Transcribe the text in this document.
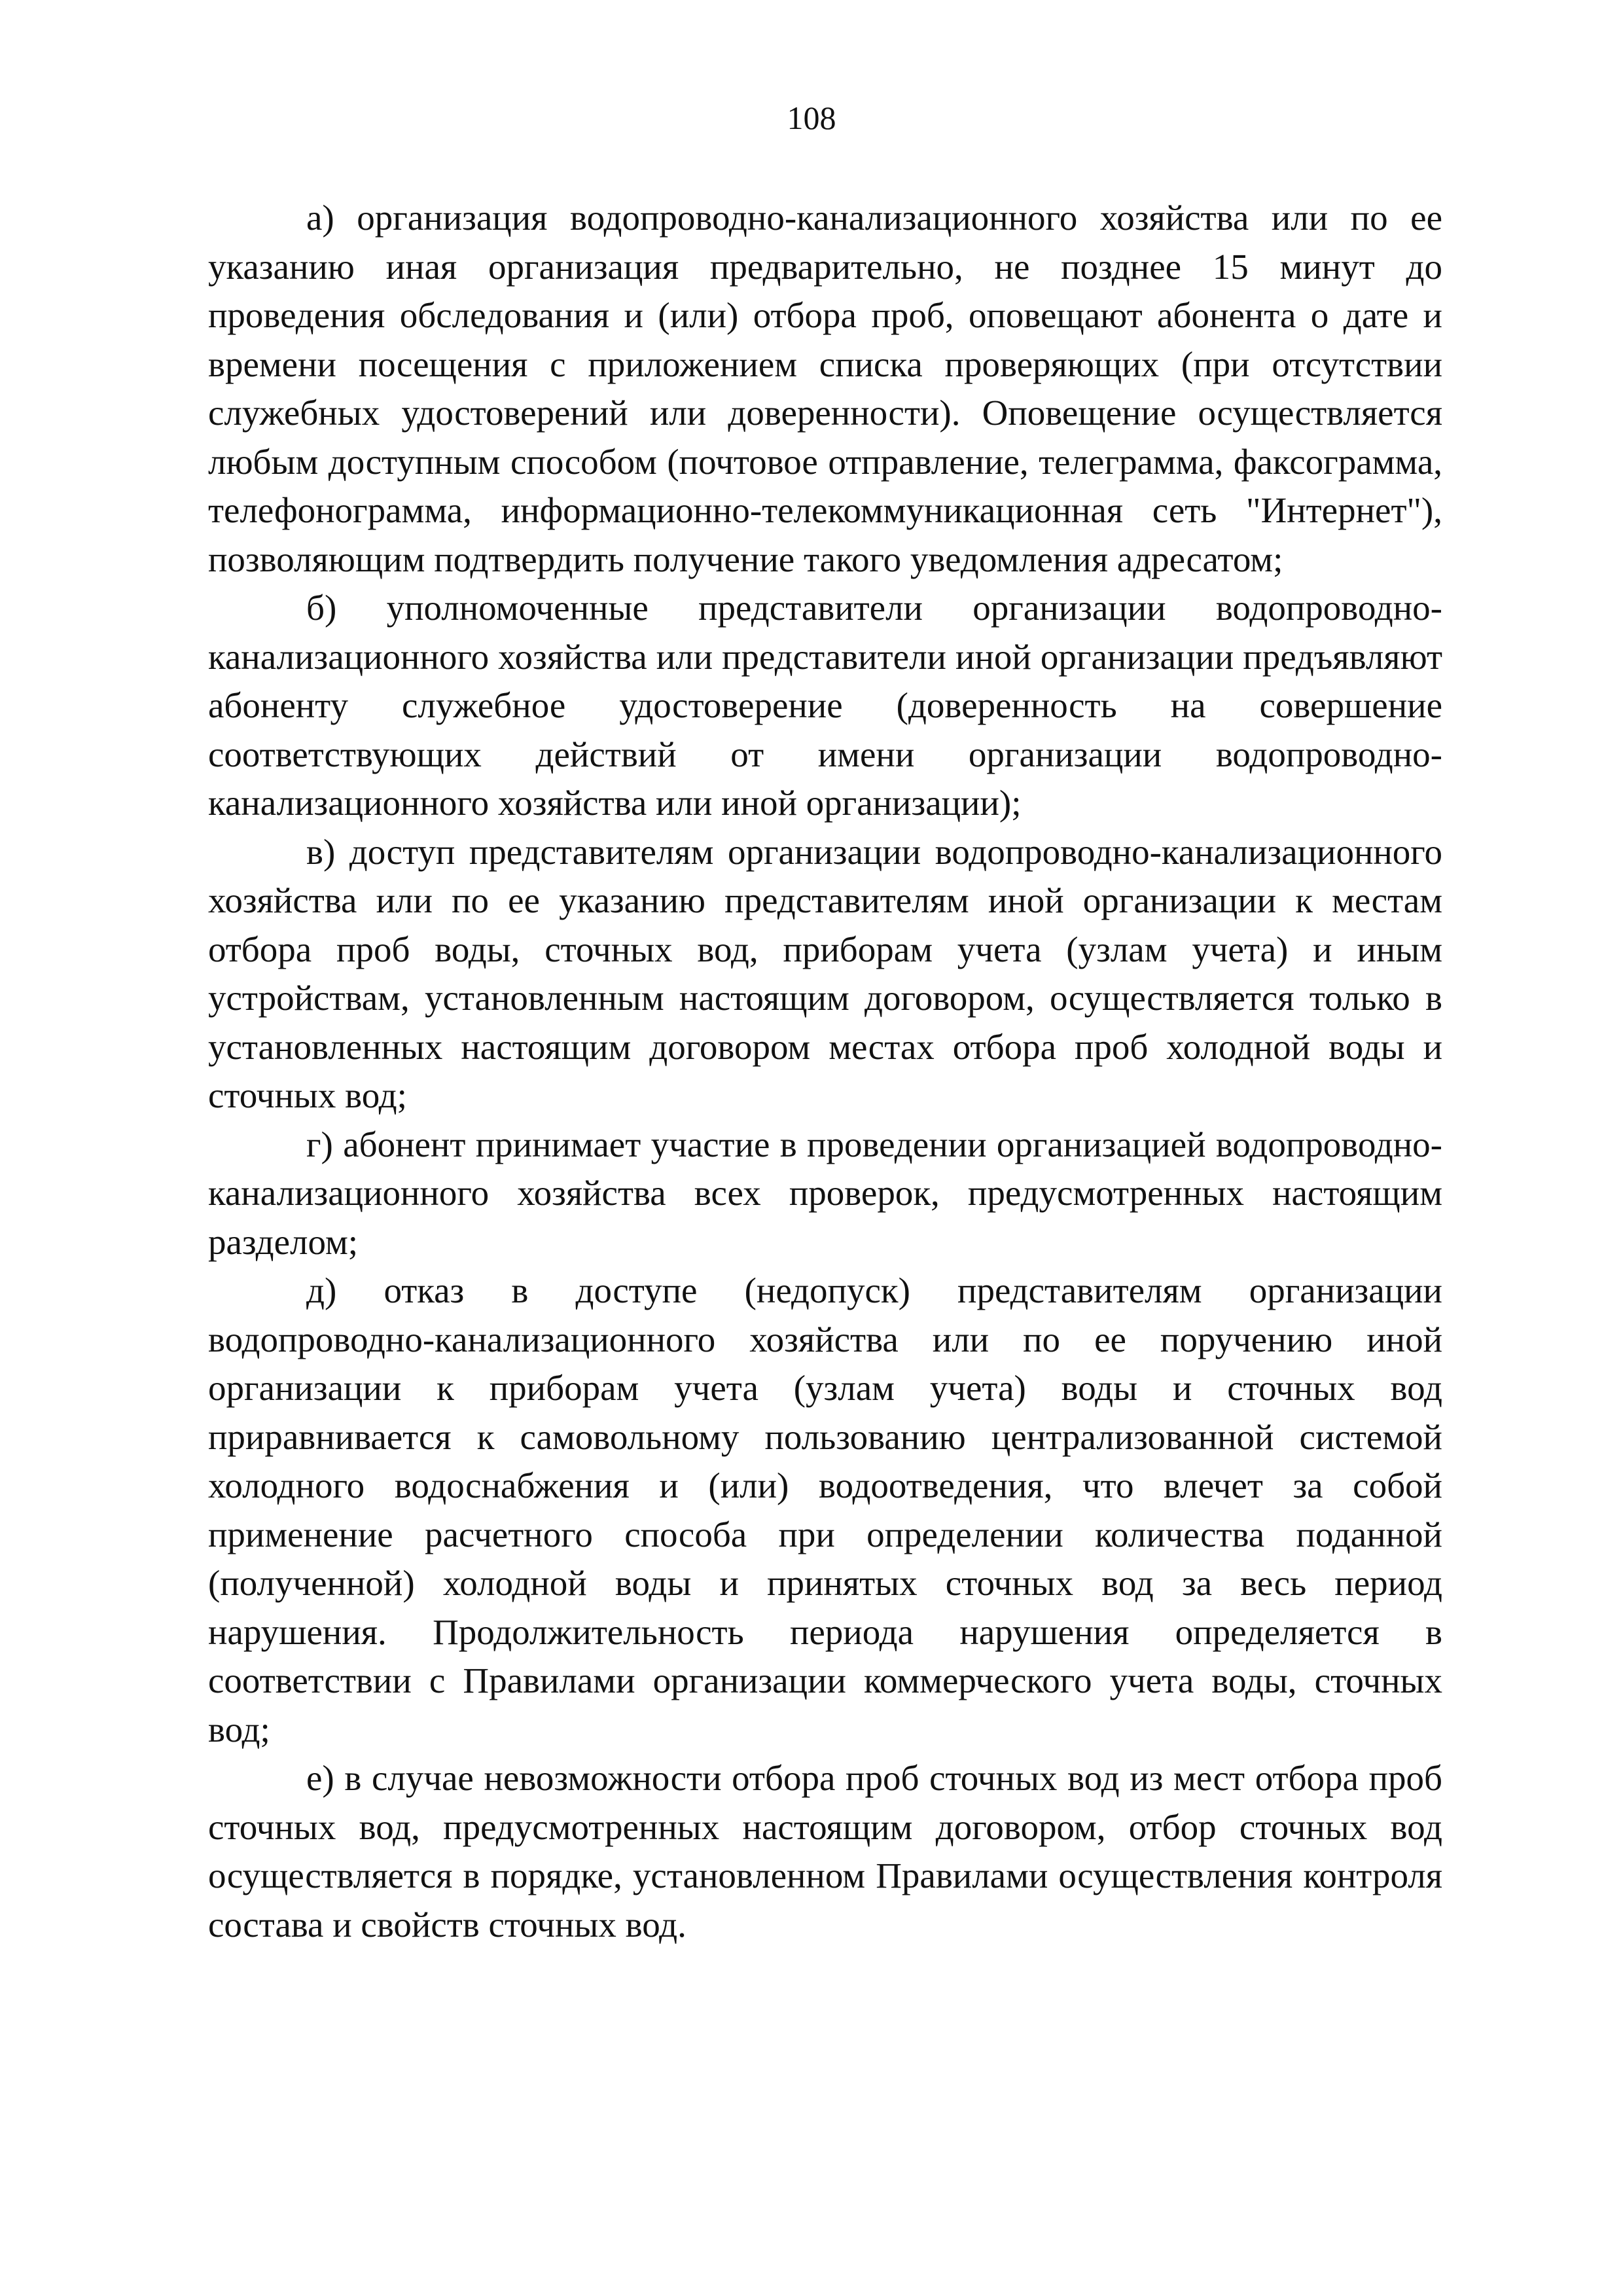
108

а) организация водопроводно-канализационного хозяйства или по ее указанию иная организация предварительно, не позднее 15 минут до проведения обследования и (или) отбора проб, оповещают абонента о дате и времени посещения с приложением списка проверяющих (при отсутствии служебных удостоверений или доверенности). Оповещение осуществляется любым доступным способом (почтовое отправление, телеграмма, факсограмма, телефонограмма, информационно-телекоммуникационная сеть "Интернет"), позволяющим подтвердить получение такого уведомления адресатом;

б) уполномоченные представители организации водопроводно-канализационного хозяйства или представители иной организации предъявляют абоненту служебное удостоверение (доверенность на совершение соответствующих действий от имени организации водопроводно-канализационного хозяйства или иной организации);

в) доступ представителям организации водопроводно-канализационного хозяйства или по ее указанию представителям иной организации к местам отбора проб воды, сточных вод, приборам учета (узлам учета) и иным устройствам, установленным настоящим договором, осуществляется только в установленных настоящим договором местах отбора проб холодной воды и сточных вод;

г) абонент принимает участие в проведении организацией водопроводно-канализационного хозяйства всех проверок, предусмотренных настоящим разделом;

д) отказ в доступе (недопуск) представителям организации водопроводно-канализационного хозяйства или по ее поручению иной организации к приборам учета (узлам учета) воды и сточных вод приравнивается к самовольному пользованию централизованной системой холодного водоснабжения и (или) водоотведения, что влечет за собой применение расчетного способа при определении количества поданной (полученной) холодной воды и принятых сточных вод за весь период нарушения. Продолжительность периода нарушения определяется в соответствии с Правилами организации коммерческого учета воды, сточных вод;

е) в случае невозможности отбора проб сточных вод из мест отбора проб сточных вод, предусмотренных настоящим договором, отбор сточных вод осуществляется в порядке, установленном Правилами осуществления контроля состава и свойств сточных вод.
